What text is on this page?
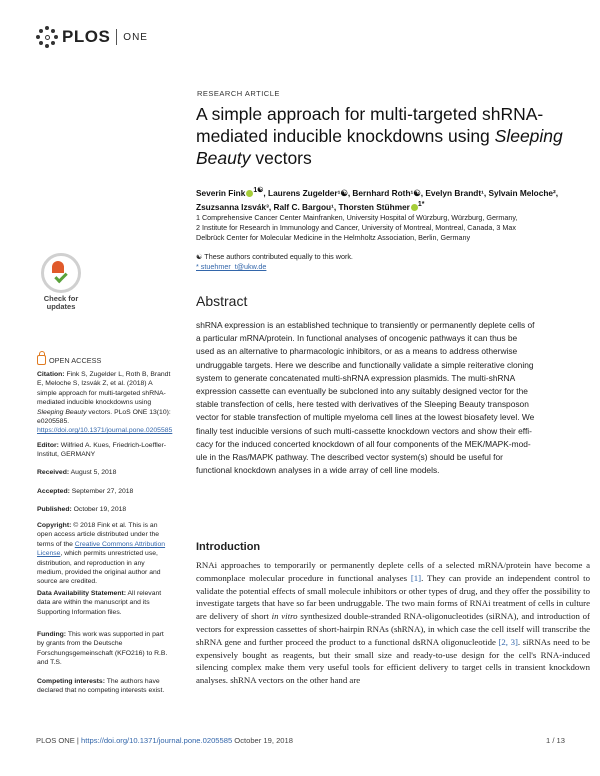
PLOS ONE
RESEARCH ARTICLE
A simple approach for multi-targeted shRNA-mediated inducible knockdowns using Sleeping Beauty vectors
Severin Fink $^{1☯}$, Laurens Zugelder¹☯, Bernhard Roth¹☯, Evelyn Brandt¹, Sylvain Meloche², Zsuzsanna Izsvák³, Ralf C. Bargou¹, Thorsten Stühmer $^{1*}$
1 Comprehensive Cancer Center Mainfranken, University Hospital of Würzburg, Würzburg, Germany,
2 Institute for Research in Immunology and Cancer, University of Montreal, Montreal, Canada, 3 Max
Delbrück Center for Molecular Medicine in the Helmholtz Association, Berlin, Germany
☯ These authors contributed equally to this work.
* stuehmer_t@ukw.de
Abstract
shRNA expression is an established technique to transiently or permanently deplete cells of
a particular mRNA/protein. In functional analyses of oncogenic pathways it can thus be
used as an alternative to pharmacologic inhibitors, or as a means to address otherwise
undruggable targets. Here we describe and functionally validate a simple reiterative cloning
system to generate concatenated multi-shRNA expression plasmids. The multi-shRNA
expression cassette can eventually be subcloned into any suitably designed vector for the
stable transfection of cells, here tested with derivatives of the Sleeping Beauty transposon
vector for stable transfection of multiple myeloma cell lines at the lowest biosafety level. We
finally test inducible versions of such multi-cassette knockdown vectors and show their effi-
cacy for the induced concerted knockdown of all four components of the MEK/MAPK-mod-
ule in the Ras/MAPK pathway. The described vector system(s) should be useful for
functional knockdown analyses in a wide array of cell line models.
Check for
updates
OPEN ACCESS
Citation: Fink S, Zugelder L, Roth B, Brandt E, Meloche S, Izsvák Z, et al. (2018) A simple approach for multi-targeted shRNA-mediated inducible knockdowns using Sleeping Beauty vectors. PLoS ONE 13(10): e0205585. https://doi.org/10.1371/journal.pone.0205585
Editor: Wilfried A. Kues, Friedrich-Loeffler-Institut, GERMANY
Received: August 5, 2018
Accepted: September 27, 2018
Published: October 19, 2018
Copyright: © 2018 Fink et al. This is an open access article distributed under the terms of the Creative Commons Attribution License, which permits unrestricted use, distribution, and reproduction in any medium, provided the original author and source are credited.
Data Availability Statement: All relevant data are within the manuscript and its Supporting Information files.
Funding: This work was supported in part by grants from the Deutsche Forschungsgemeinschaft (KFO216) to R.B. and T.S.
Competing interests: The authors have declared that no competing interests exist.
Introduction
RNAi approaches to temporarily or permanently deplete cells of a selected mRNA/protein have become a commonplace molecular procedure in functional analyses [1]. They can provide an independent control to validate the potential effects of small molecule inhibitors or other types of drug, and they offer the possibility to investigate targets that have so far been undruggable. The two main forms of RNAi treatment of cells in culture are delivery of short in vitro synthesized double-stranded RNA-oligonucleotides (siRNA), and introduction of vectors for expression cassettes of short-hairpin RNAs (shRNA), in which case the cell itself will transcribe the shRNA gene and further proceed the product to a functional dsRNA oligonucleotide [2, 3]. siRNAs need to be expensively bought as reagents, but their small size and ready-to-use design for the cell's RNA-induced silencing complex make them very useful tools for efficient delivery to target cells in transient knockdown analyses. shRNA vectors on the other hand are
PLOS ONE | https://doi.org/10.1371/journal.pone.0205585 October 19, 2018	1 / 13
